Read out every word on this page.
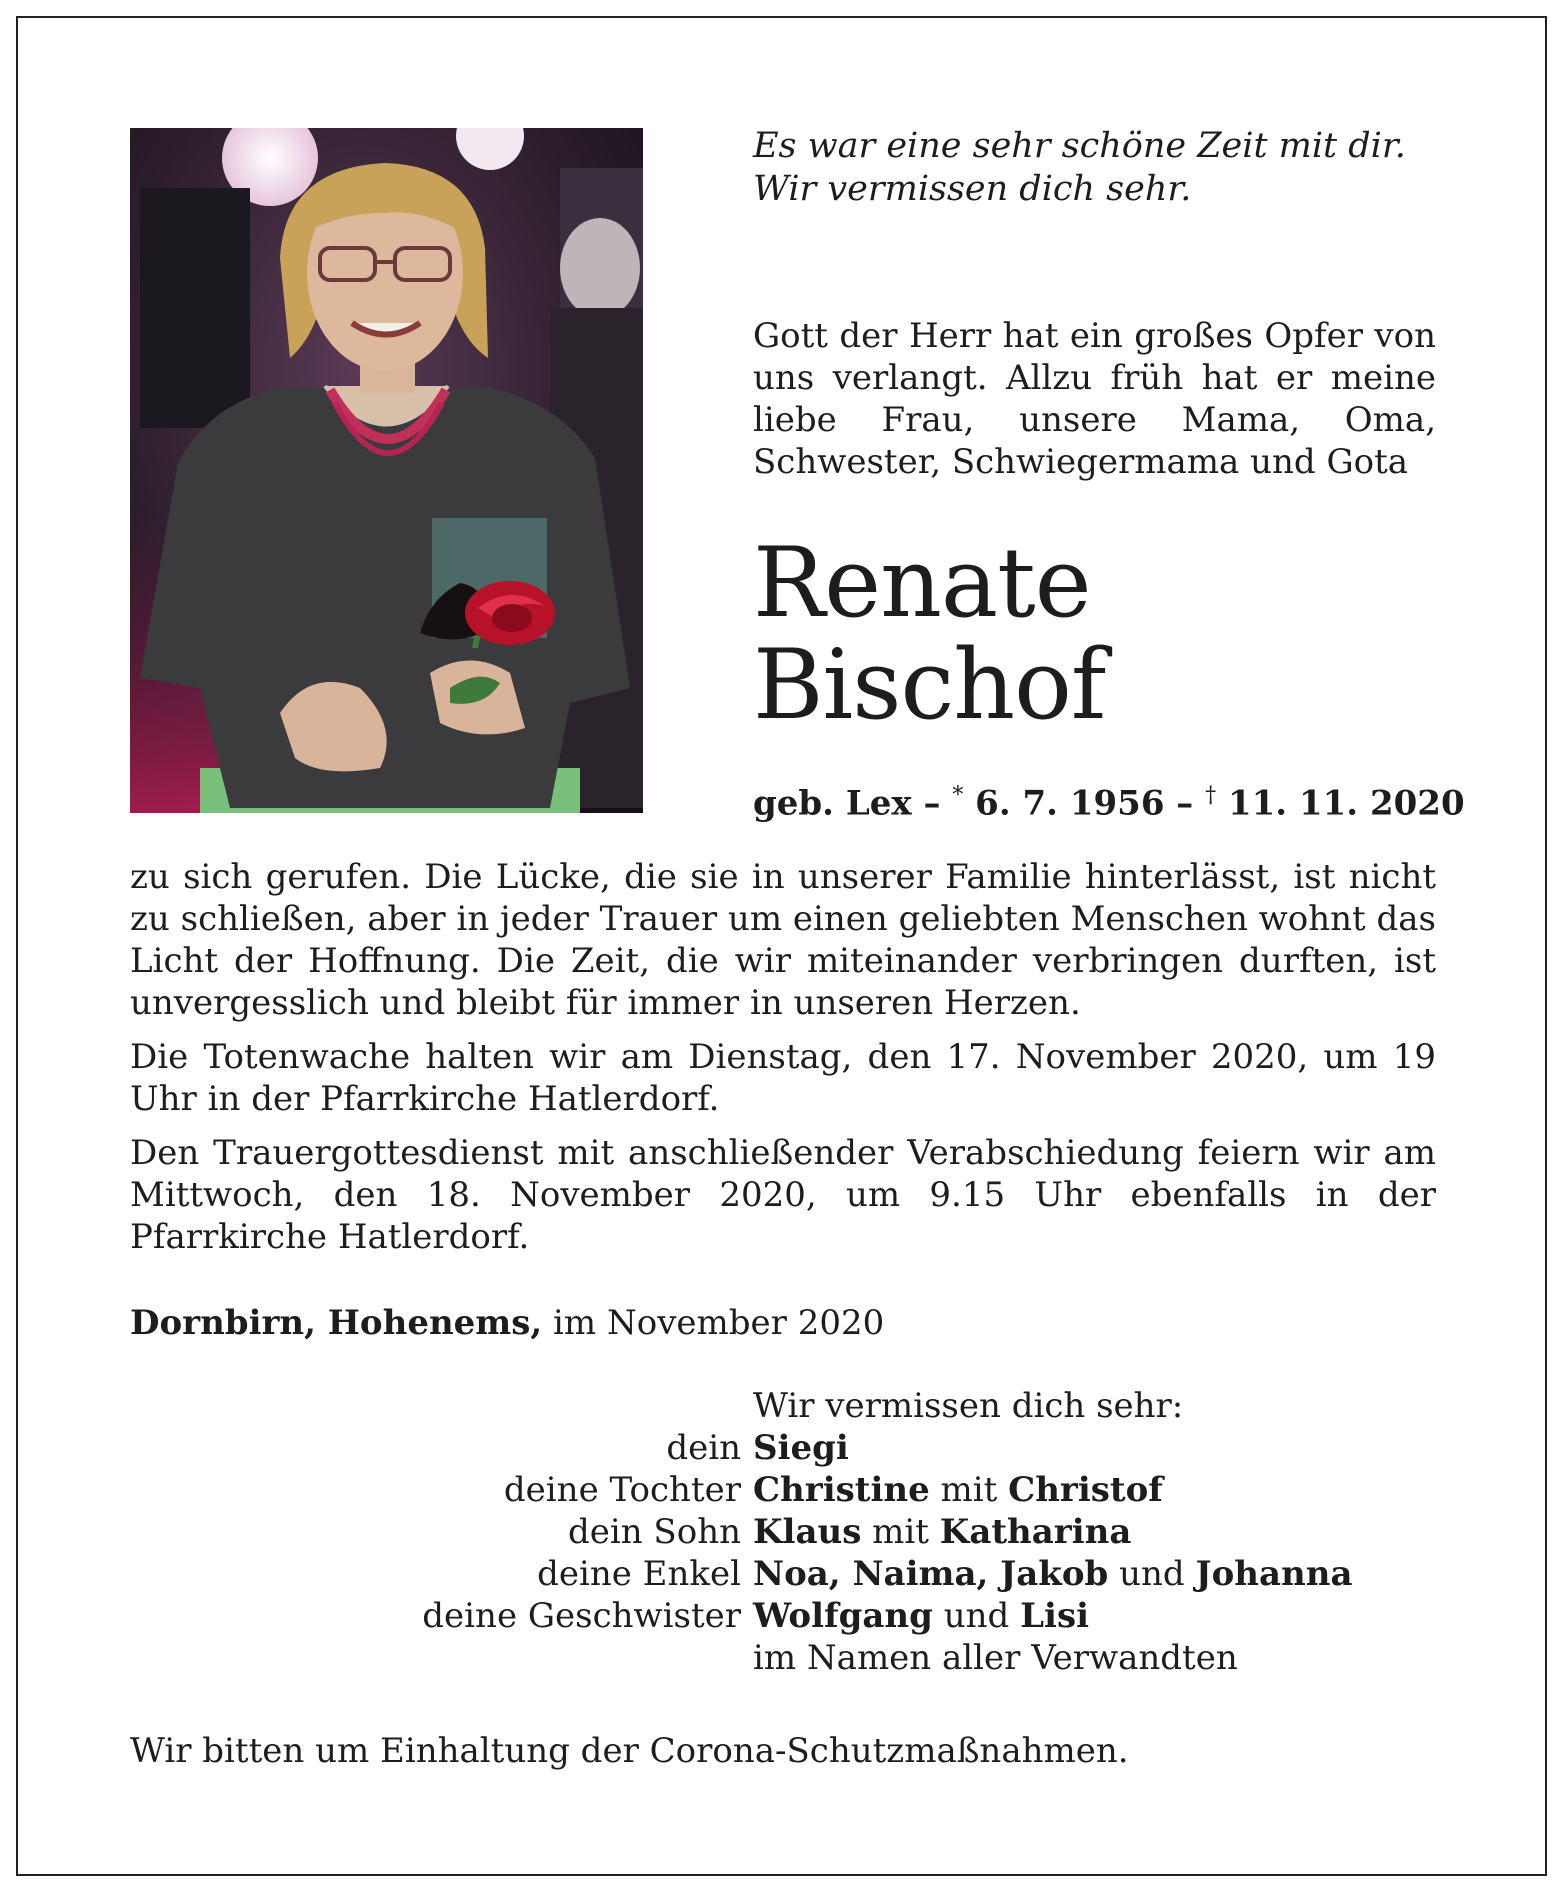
Es war eine sehr schöne Zeit mit dir.
Wir vermissen dich sehr.
Gott der Herr hat ein großes Opfer von uns verlangt. Allzu früh hat er meine liebe Frau, unsere Mama, Oma, Schwester, Schwiegermama und Gota
Renate
Bischof
geb. Lex – * 6. 7. 1956 – † 11. 11. 2020

zu sich gerufen. Die Lücke, die sie in unserer Familie hinterlässt, ist nicht zu schließen, aber in jeder Trauer um einen geliebten Menschen wohnt das Licht der Hoffnung. Die Zeit, die wir miteinander verbringen durften, ist unvergesslich und bleibt für immer in unseren Herzen.

Die Totenwache halten wir am Dienstag, den 17. November 2020, um 19 Uhr in der Pfarrkirche Hatlerdorf.

Den Trauergottesdienst mit anschließender Verabschiedung feiern wir am Mittwoch, den 18. November 2020, um 9.15 Uhr ebenfalls in der Pfarrkirche Hatlerdorf.

Dornbirn, Hohenems, im November 2020
Wir vermissen dich sehr:
dein Siegi
deine Tochter Christine mit Christof
dein Sohn Klaus mit Katharina
deine Enkel Noa, Naima, Jakob und Johanna
deine Geschwister Wolfgang und Lisi
im Namen aller Verwandten
Wir bitten um Einhaltung der Corona-Schutzmaßnahmen.
